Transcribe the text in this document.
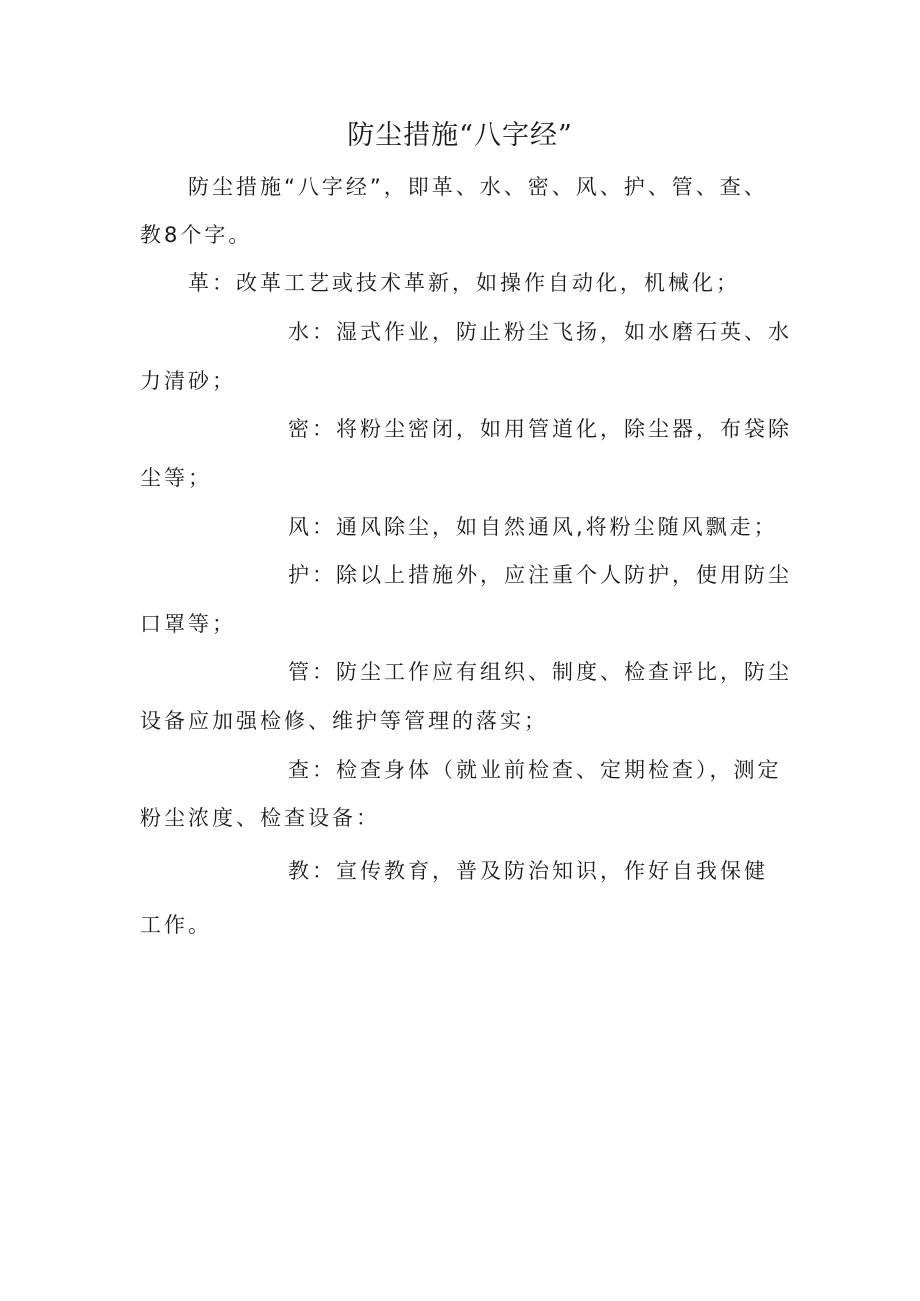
防尘措施“八字经”
防尘措施“八字经”，即革、水、密、风、护、管、查、
教8个字。
革：改革工艺或技术革新，如操作自动化，机械化；
水：湿式作业，防止粉尘飞扬，如水磨石英、水
力清砂；
密：将粉尘密闭，如用管道化，除尘器，布袋除
尘等；
风：通风除尘，如自然通风,将粉尘随风飘走；
护：除以上措施外，应注重个人防护，使用防尘
口罩等；
管：防尘工作应有组织、制度、检查评比，防尘
设备应加强检修、维护等管理的落实；
查：检查身体（就业前检查、定期检查），测定
粉尘浓度、检查设备：
教：宣传教育，普及防治知识，作好自我保健
工作。
